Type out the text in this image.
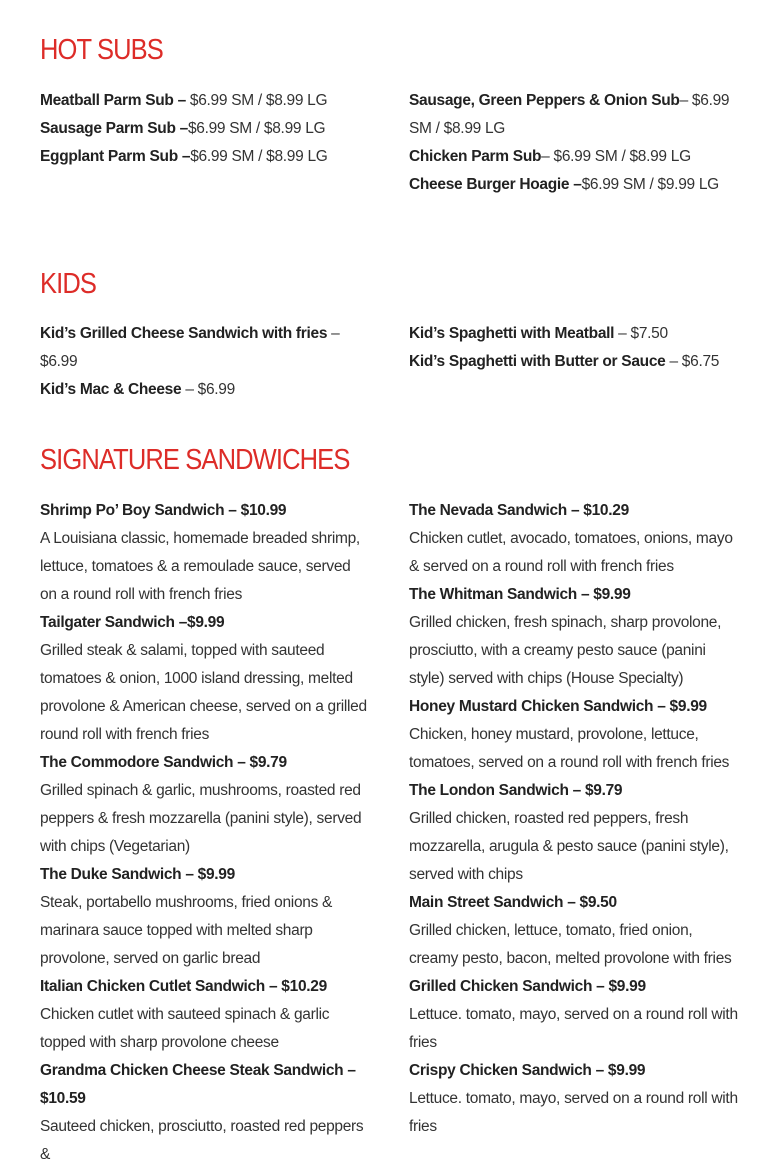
HOT SUBS
Meatball Parm Sub – $6.99 SM / $8.99 LG
Sausage Parm Sub –$6.99 SM / $8.99 LG
Eggplant Parm Sub –$6.99 SM / $8.99 LG
Sausage, Green Peppers & Onion Sub– $6.99 SM / $8.99 LG
Chicken Parm Sub– $6.99 SM / $8.99 LG
Cheese Burger Hoagie –$6.99 SM / $9.99 LG
KIDS
Kid’s Grilled Cheese Sandwich with fries – $6.99
Kid’s Mac & Cheese – $6.99
Kid’s Spaghetti with Meatball – $7.50
Kid’s Spaghetti with Butter or Sauce – $6.75
SIGNATURE SANDWICHES
Shrimp Po’ Boy Sandwich – $10.99
A Louisiana classic, homemade breaded shrimp, lettuce, tomatoes & a remoulade sauce, served on a round roll with french fries
Tailgater Sandwich –$9.99
Grilled steak & salami, topped with sauteed tomatoes & onion, 1000 island dressing, melted provolone & American cheese, served on a grilled round roll with french fries
The Commodore Sandwich – $9.79
Grilled spinach & garlic, mushrooms, roasted red peppers & fresh mozzarella (panini style), served with chips (Vegetarian)
The Duke Sandwich – $9.99
Steak, portabello mushrooms, fried onions & marinara sauce topped with melted sharp provolone, served on garlic bread
Italian Chicken Cutlet Sandwich – $10.29
Chicken cutlet with sauteed spinach & garlic topped with sharp provolone cheese
Grandma Chicken Cheese Steak Sandwich – $10.59
Sauteed chicken, prosciutto, roasted red peppers &
The Nevada Sandwich – $10.29
Chicken cutlet, avocado, tomatoes, onions, mayo & served on a round roll with french fries
The Whitman Sandwich – $9.99
Grilled chicken, fresh spinach, sharp provolone, prosciutto, with a creamy pesto sauce (panini style) served with chips (House Specialty)
Honey Mustard Chicken Sandwich – $9.99
Chicken, honey mustard, provolone, lettuce, tomatoes, served on a round roll with french fries
The London Sandwich – $9.79
Grilled chicken, roasted red peppers, fresh mozzarella, arugula & pesto sauce (panini style), served with chips
Main Street Sandwich – $9.50
Grilled chicken, lettuce, tomato, fried onion, creamy pesto, bacon, melted provolone with fries
Grilled Chicken Sandwich – $9.99
Lettuce. tomato, mayo, served on a round roll with fries
Crispy Chicken Sandwich – $9.99
Lettuce. tomato, mayo, served on a round roll with fries
